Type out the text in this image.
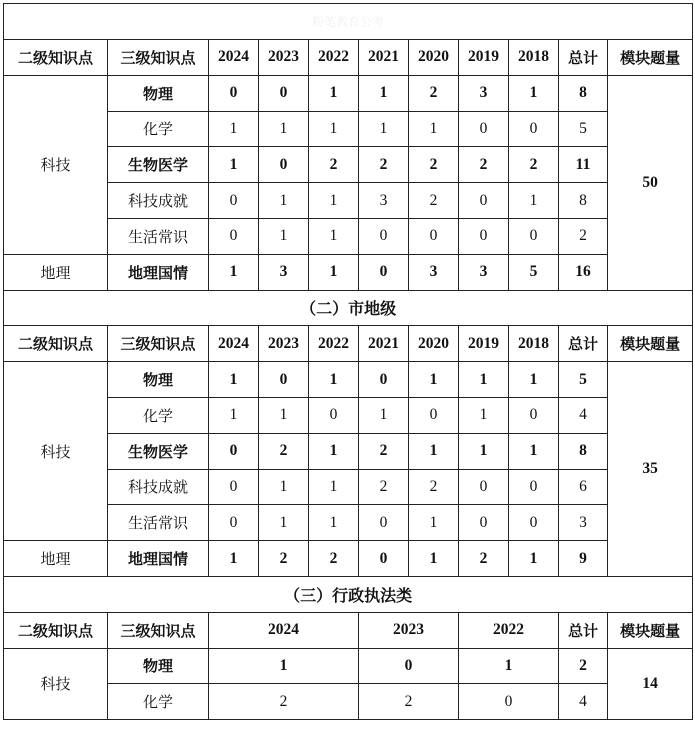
粉笔教育公考										
二级知识点	三级知识点	2024	2023	2022	2021	2020	2019	2018	总计	模块题量
科技	物理	0	0	1	1	2	3	1	8	50
	化学	1	1	1	1	1	0	0	5	
	生物医学	1	0	2	2	2	2	2	11	
	科技成就	0	1	1	3	2	0	1	8	
	生活常识	0	1	1	0	0	0	0	2	
地理	地理国情	1	3	1	0	3	3	5	16	
（二）市地级										
二级知识点	三级知识点	2024	2023	2022	2021	2020	2019	2018	总计	模块题量
科技	物理	1	0	1	0	1	1	1	5	35
	化学	1	1	0	1	0	1	0	4	
	生物医学	0	2	1	2	1	1	1	8	
	科技成就	0	1	1	2	2	0	0	6	
	生活常识	0	1	1	0	1	0	0	3	
地理	地理国情	1	2	2	0	1	2	1	9	
（三）行政执法类										
二级知识点	三级知识点	2024			2023		2022		总计	模块题量
科技	物理	1			0		1		2	14
	化学	2			2		0		4	
